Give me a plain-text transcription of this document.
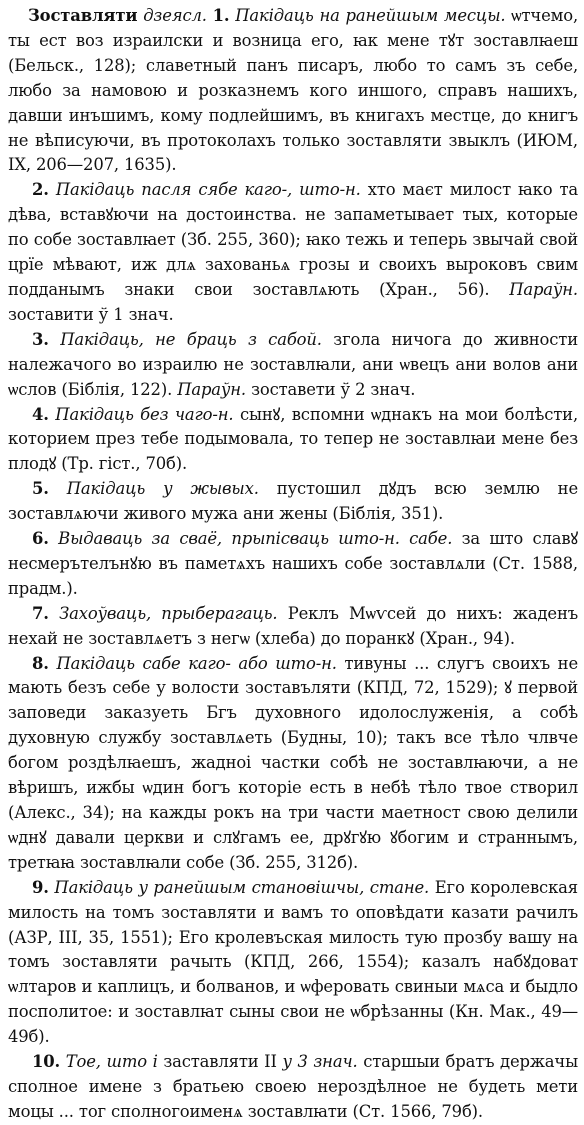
Зоставляти дзеясл. 1. Пакідаць на ранейшым месцы. ѡтчемо, ты ест воз израилски и возница его, ꙗк мене тꙋт зоставлꙗеш (Бельск., 128); славетный панъ писаръ, любо то самъ зъ себе, любо за намовою и розказнемъ кого иншого, справъ нашихъ, давши инъшимъ, кому подлейшимъ, въ книгахъ местце, до книгъ не вѣписуючи, въ протоколахъ только зоставляти звыклъ (ИЮМ, IX, 206—207, 1635).

2. Пакідаць пасля сябе каго-, што-н. хто маєт милост ꙗко та дѣва, вставꙋючи на достоинства. не запаметывает тых, которые по собе зоставлꙗет (Зб. 255, 360); ꙗко тежь и теперь звычай свой црїе мѣвают, иж длѧ захованьѧ грозы и своихъ выроковъ свим подданымъ знаки свои зоставлѧють (Хран., 56). Параўн. зоставити ў 1 знач.

3. Пакідаць, не браць з сабой. згола ничога до живности належачого во израилю не зоставлꙗли, ани ѡвецъ ани волов ани ѡслов (Біблія, 122). Параўн. зоставети ў 2 знач.

4. Пакідаць без чаго-н. сынꙋ, вспомни ѡднакъ на мои болѣсти, которием през тебе подымовала, то тепер не зоставлꙗи мене без плодꙋ (Тр. гіст., 70б).

5. Пакідаць у жывых. пустошил дꙋдъ всю землю не зоставлѧючи живого мужа ани жены (Біблія, 351).

6. Выдаваць за сваё, прыпісваць што-н. сабе. за што славꙋ несмерътелънꙋю въ паметѧхъ нашихъ собе зоставлѧли (Ст. 1588, прадм.).

7. Захоўваць, прыберагаць. Реклъ Мѡѵсей до нихъ: жаденъ нехай не зоставлѧетъ з негѡ (хлеба) до поранкꙋ (Хран., 94).

8. Пакідаць сабе каго- або што-н. тивуны ... слугъ своихъ не мають безъ себе у волости зоставъляти (КПД, 72, 1529); ꙋ первой заповеди заказуеть Бгъ духовного идолослуженія, а собѣ духовную службу зоставлѧеть (Будны, 10); такъ все тѣло члвче богом роздѣлꙗешъ, жадноі частки собѣ не зоставлꙗючи, а не вѣришъ, ижбы ѡдин богъ которіе есть в небѣ тѣло твое створил (Алекс., 34); на кажды рокъ на три части маетност свою делили ѡднꙋ давали церкви и слꙋгамъ ее, дрꙋгꙋю ꙋбогим и страннымъ, третꙗꙗ зоставлꙗли собе (Зб. 255, 312б).

9. Пакідаць у ранейшым становішчы, стане. Его королевская милость на томъ зоставляти и вамъ то оповѣдати казати рачилъ (АЗР, III, 35, 1551); Его кролевъская милость тую прозбу вашу на томъ зоставляти рачыть (КПД, 266, 1554); казалъ набꙋдоват ѡлтаров и каплицъ, и болванов, и ѡферовать свиныи мѧса и быдло посполитое: и зоставлꙗт сыны свои не ѡбрѣзанны (Кн. Мак., 49—49б).

10. Тое, што і заставляти II у 3 знач. старшыи братъ держачы сполное имене з братьею своею нероздѣлное не будеть мети моцы ... тог сполногоименѧ зоставлꙗти (Ст. 1566, 79б).
